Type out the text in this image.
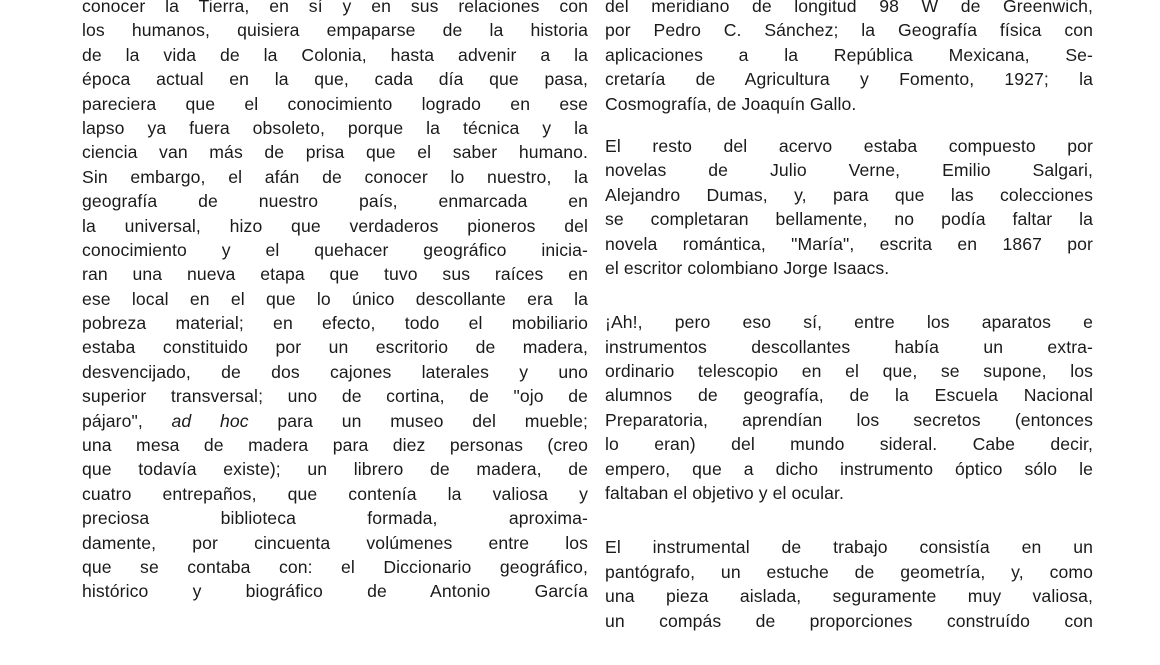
conocer la Tierra, en sí y en sus relaciones con
los humanos, quisiera empaparse de la historia
de la vida de la Colonia, hasta advenir a la
época actual en la que, cada día que pasa,
pareciera que el conocimiento logrado en ese
lapso ya fuera obsoleto, porque la técnica y la
ciencia van más de prisa que el saber humano.
Sin embargo, el afán de conocer lo nuestro, la
geografía de nuestro país, enmarcada en
la universal, hizo que verdaderos pioneros del
conocimiento y el quehacer geográfico inicia-
ran una nueva etapa que tuvo sus raíces en
ese local en el que lo único descollante era la
pobreza material; en efecto, todo el mobiliario
estaba constituido por un escritorio de madera,
desvencijado, de dos cajones laterales y uno
superior transversal; uno de cortina, de "ojo de
pájaro", ad hoc para un museo del mueble;
una mesa de madera para diez personas (creo
que todavía existe); un librero de madera, de
cuatro entrepaños, que contenía la valiosa y
preciosa biblioteca formada, aproxima-
damente, por cincuenta volúmenes entre los
que se contaba con: el Diccionario geográfico,
histórico y biográfico de Antonio García
del meridiano de longitud 98 W de Greenwich,
por Pedro C. Sánchez; la Geografía física con
aplicaciones a la República Mexicana, Se-
cretaría de Agricultura y Fomento, 1927; la
Cosmografía, de Joaquín Gallo.
El resto del acervo estaba compuesto por
novelas de Julio Verne, Emilio Salgari,
Alejandro Dumas, y, para que las colecciones
se completaran bellamente, no podía faltar la
novela romántica, "María", escrita en 1867 por
el escritor colombiano Jorge Isaacs.
¡Ah!, pero eso sí, entre los aparatos e
instrumentos descollantes había un extra-
ordinario telescopio en el que, se supone, los
alumnos de geografía, de la Escuela Nacional
Preparatoria, aprendían los secretos (entonces
lo eran) del mundo sideral. Cabe decir,
empero, que a dicho instrumento óptico sólo le
faltaban el objetivo y el ocular.
El instrumental de trabajo consistía en un
pantógrafo, un estuche de geometría, y, como
una pieza aislada, seguramente muy valiosa,
un compás de proporciones construído con
